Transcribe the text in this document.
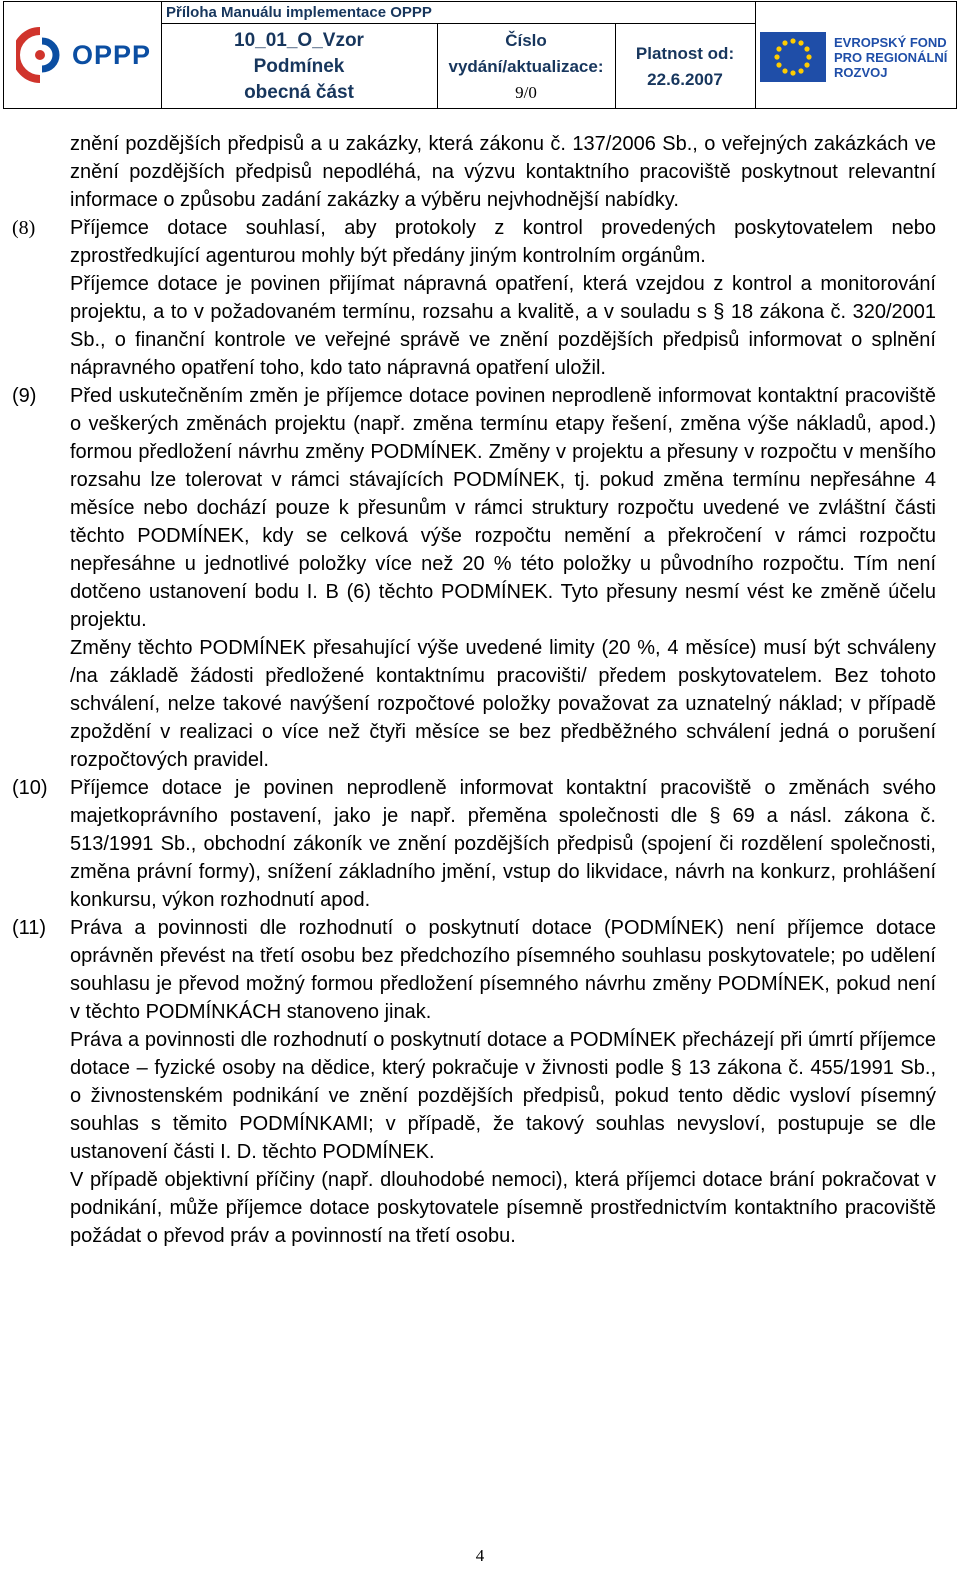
OPPP
Příloha Manuálu implementace OPPP
10_01_O_Vzor
Podmínek
obecná část
Číslo
vydání/aktualizace:
9/0
Platnost od:
22.6.2007
EVROPSKÝ FOND
PRO REGIONÁLNÍ
ROZVOJ
znění pozdějších předpisů a u zakázky, která zákonu č. 137/2006 Sb., o veřejných zakázkách ve znění pozdějších předpisů nepodléhá, na výzvu kontaktního pracoviště poskytnout relevantní informace o způsobu zadání zakázky a výběru nejvhodnější nabídky.
(8) Příjemce dotace souhlasí, aby protokoly z kontrol provedených poskytovatelem nebo zprostředkující agenturou mohly být předány jiným kontrolním orgánům.
Příjemce dotace je povinen přijímat nápravná opatření, která vzejdou z kontrol a monitorování projektu, a to v požadovaném termínu, rozsahu a kvalitě, a v souladu s § 18 zákona č. 320/2001 Sb., o finanční kontrole ve veřejné správě ve znění pozdějších předpisů informovat o splnění nápravného opatření toho, kdo tato nápravná opatření uložil.
(9) Před uskutečněním změn je příjemce dotace povinen neprodleně informovat kontaktní pracoviště o veškerých změnách projektu (např. změna termínu etapy řešení, změna výše nákladů, apod.) formou předložení návrhu změny PODMÍNEK. Změny v projektu a přesuny v rozpočtu v menšího rozsahu lze tolerovat v rámci stávajících PODMÍNEK, tj. pokud změna termínu nepřesáhne 4 měsíce nebo dochází pouze k přesunům v rámci struktury rozpočtu uvedené ve zvláštní části těchto PODMÍNEK, kdy se celková výše rozpočtu nemění a překročení v rámci rozpočtu nepřesáhne u jednotlivé položky více než 20 % této položky u původního rozpočtu. Tím není dotčeno ustanovení bodu I. B (6) těchto PODMÍNEK. Tyto přesuny nesmí vést ke změně účelu projektu.
Změny těchto PODMÍNEK přesahující výše uvedené limity (20 %, 4 měsíce) musí být schváleny /na základě žádosti předložené kontaktnímu pracovišti/ předem poskytovatelem. Bez tohoto schválení, nelze takové navýšení rozpočtové položky považovat za uznatelný náklad; v případě zpoždění v realizaci o více než čtyři měsíce se bez předběžného schválení jedná o porušení rozpočtových pravidel.
(10) Příjemce dotace je povinen neprodleně informovat kontaktní pracoviště o změnách svého majetkoprávního postavení, jako je např. přeměna společnosti dle § 69 a násl. zákona č. 513/1991 Sb., obchodní zákoník ve znění pozdějších předpisů (spojení či rozdělení společnosti, změna právní formy), snížení základního jmění, vstup do likvidace, návrh na konkurz, prohlášení konkursu, výkon rozhodnutí apod.
(11) Práva a povinnosti dle rozhodnutí o poskytnutí dotace (PODMÍNEK) není příjemce dotace oprávněn převést na třetí osobu bez předchozího písemného souhlasu poskytovatele; po udělení souhlasu je převod možný formou předložení písemného návrhu změny PODMÍNEK, pokud není v těchto PODMÍNKÁCH stanoveno jinak.
Práva a povinnosti dle rozhodnutí o poskytnutí dotace a PODMÍNEK přecházejí při úmrtí příjemce dotace – fyzické osoby na dědice, který pokračuje v živnosti podle § 13 zákona č. 455/1991 Sb., o živnostenském podnikání ve znění pozdějších předpisů, pokud tento dědic vysloví písemný souhlas s těmito PODMÍNKAMI; v případě, že takový souhlas nevysloví, postupuje se dle ustanovení části I. D. těchto PODMÍNEK.
V případě objektivní příčiny (např. dlouhodobé nemoci), která příjemci dotace brání pokračovat v podnikání, může příjemce dotace poskytovatele písemně prostřednictvím kontaktního pracoviště požádat o převod práv a povinností na třetí osobu.
4
